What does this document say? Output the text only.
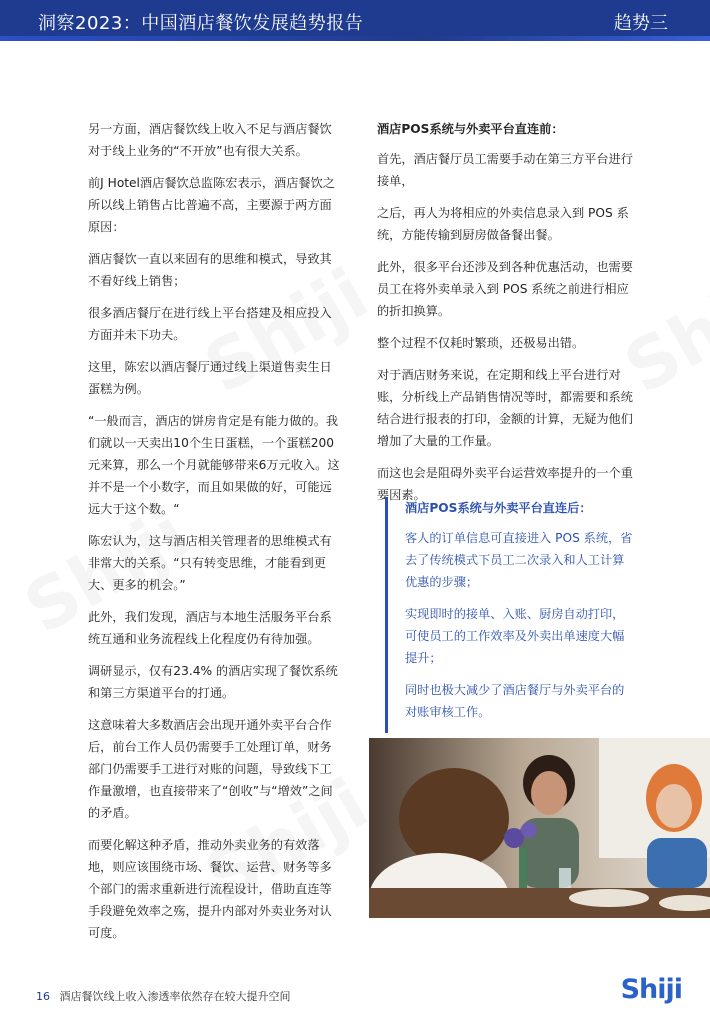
洞察2023：中国酒店餐饮发展趋势报告	趋势三

另一方面，酒店餐饮线上收入不足与酒店餐饮对于线上业务的“不开放”也有很大关系。

前J Hotel酒店餐饮总监陈宏表示，酒店餐饮之所以线上销售占比普遍不高，主要源于两方面原因：

酒店餐饮一直以来固有的思维和模式，导致其不看好线上销售；

很多酒店餐厅在进行线上平台搭建及相应投入方面并未下功夫。

这里，陈宏以酒店餐厅通过线上渠道售卖生日蛋糕为例。

“一般而言，酒店的饼房肯定是有能力做的。我们就以一天卖出10个生日蛋糕，一个蛋糕200元来算，那么一个月就能够带来6万元收入。这并不是一个小数字，而且如果做的好，可能远远大于这个数。“

陈宏认为，这与酒店相关管理者的思维模式有非常大的关系。“只有转变思维，才能看到更大、更多的机会。”

此外，我们发现，酒店与本地生活服务平台系统互通和业务流程线上化程度仍有待加强。

调研显示，仅有23.4% 的酒店实现了餐饮系统和第三方渠道平台的打通。

这意味着大多数酒店会出现开通外卖平台合作后，前台工作人员仍需要手工处理订单，财务部门仍需要手工进行对账的问题，导致线下工作量激增，也直接带来了“创收”与“增效”之间的矛盾。

而要化解这种矛盾，推动外卖业务的有效落地，则应该围绕市场、餐饮、运营、财务等多个部门的需求重新进行流程设计，借助直连等手段避免效率之殇，提升内部对外卖业务对认可度。

酒店POS系统与外卖平台直连前：

首先，酒店餐厅员工需要手动在第三方平台进行接单，

之后，再人为将相应的外卖信息录入到 POS 系统，方能传输到厨房做备餐出餐。

此外，很多平台还涉及到各种优惠活动，也需要员工在将外卖单录入到 POS 系统之前进行相应的折扣换算。

整个过程不仅耗时繁琐，还极易出错。

对于酒店财务来说，在定期和线上平台进行对账，分析线上产品销售情况等时，都需要和系统结合进行报表的打印，金额的计算，无疑为他们增加了大量的工作量。

而这也会是阻碍外卖平台运营效率提升的一个重要因素。

酒店POS系统与外卖平台直连后：

客人的订单信息可直接进入 POS 系统，省去了传统模式下员工二次录入和人工计算优惠的步骤；

实现即时的接单、入账、厨房自动打印，可使员工的工作效率及外卖出单速度大幅提升；

同时也极大减少了酒店餐厅与外卖平台的对账审核工作。

16 酒店餐饮线上收入渗透率依然存在较大提升空间	Shiji
